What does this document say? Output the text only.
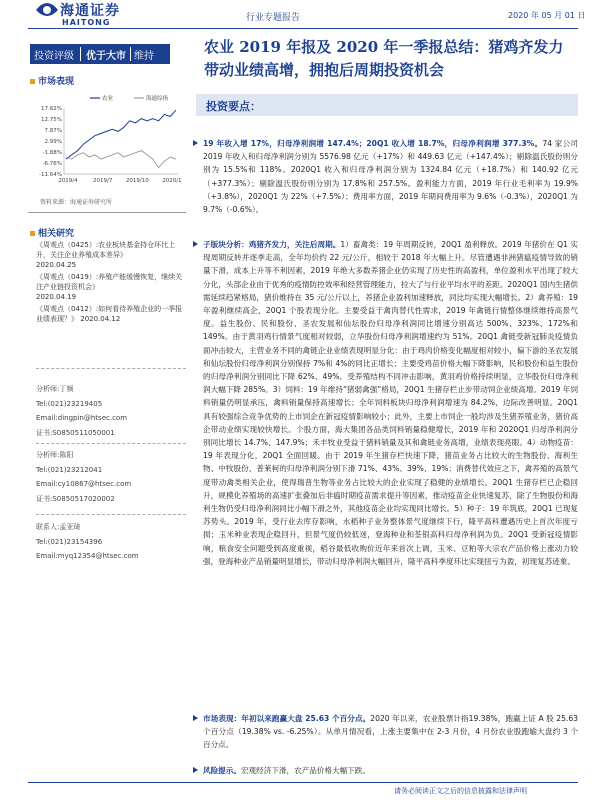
海通证券
HAITONG	行业专题报告	2020 年 05 月 01 日
投资评级 优于大市 维持
农业 2019 年报及 2020 年一季报总结：猪鸡齐发力带动业绩高增，拥抱后周期投资机会
市场表现
17.62%
12.75%
7.87%
2.99%
-1.88%
-6.76%
-11.64%
2019/4	2019/7 2019/10 2020/1
农业	海通综指
资料来源：海通证券研究所
相关研究
《周观点（0425）:农业板块基金持仓环比上升，关注企业养殖成本差异》
2020.04.25
《周观点（0419）:养殖产能缓慢恢复，继续关注产业链投资机会》
2020.04.19
《周观点（0412）:如何看待养殖企业的一季报业绩表现？》 2020.04.12
分析师:丁频
Tel:(021)23219405
Email:dingpin@htsec.com
证书:S0850511050001
分析师:陈阳
Tel:(021)23212041
Email:cy10867@htsec.com
证书:S0850517020002
联系人:孟亚琦
Tel:(021)23154396
Email:myq12354@htsec.com
投资要点：
19 年收入增 17%，归母净利润增 147.4%；20Q1 收入增 18.7%，归母净利润增 377.3%。74 家公司 2019 年收入和归母净利润分别为 5576.98 亿元（+17%）和 449.63 亿元（+147.4%）；剔除温氏股份则分别为 15.5%和 118%。2020Q1 收入和归母净利润分别为 1324.84 亿元（+18.7%）和 140.92 亿元（+377.3%）；剔除温氏股份则分别为 17.8%和 257.5%。盈利能力方面，2019 年行业毛利率为 19.9%（+3.8%），2020Q1 为 22%（+7.5%）；费用率方面，2019 年期间费用率为 9.6%（-0.3%），2020Q1 为 9.7%（-0.6%）。
子版块分析：鸡猪齐发力，关注后周期。1）畜禽类：19 年周期反转，20Q1 盈利释放。2019 年猪价在 Q1 实现周期反转并逐季走高，全年均价约 22 元/公斤，相较于 2018 年大幅上升。尽管遭遇非洲猪瘟疫情导致的销量下滑，成本上升等不利因素，2019 年绝大多数养猪企业仍实现了历史性的高盈利，单位盈利水平出现了较大分化，头部企业由于优秀的疫情防控效率和经营管理能力，拉大了与行业平均水平的差距。2020Q1 国内生猪供需延续趋紧格局，猪价维持在 35 元/公斤以上，养猪企业盈利加速释放，同比均实现大幅增长。2）禽养殖：19 年盈利继续高企，20Q1 个股表现分化。主要受益于禽肉替代性需求，2019 年禽链行情整体继续维持高景气度。益生股份、民和股份、圣农发展和仙坛股份归母净利润同比增速分别高达 500%、323%、172%和 149%。由于黄羽鸡行情景气度相对较弱，立华股份归母净利润增速约为 51%。20Q1 禽链受新冠肺炎疫情负面冲击较大，主营业务不同的禽链企业业绩表现明显分化：由于鸡肉价格变化幅度相对较小，偏下游的圣农发展和仙坛股份归母净利润分别保持 7%和 4%的同比正增长；主要受鸡苗价格大幅下降影响，民和股份和益生股份的归母净利润分别同比下降 62%、49%。受养殖结构不同冲击影响，黄羽鸡价格持续明显，立华股份归母净利润大幅下降 285%。3）饲料：19 年维持“猪弱禽强”格局，20Q1 生猪存栏止步带动饲企业绩高增。2019 年饲料销量仍明显承压，禽料销量保持高速增长；全年饲料板块归母净利润增速为 84.2%，边际改善明显。20Q1 具有较强综合竞争优势的上市饲企在新冠疫情影响较小；此外，主要上市饲企一般均涉及生猪养殖业务，猪价高企带动业绩实现较快增长。个股方面，海大集团各品类饲料销量稳健增长，2019 年和 2020Q1 归母净利润分别同比增长 14.7%、147.9%；禾丰牧业受益于猪料销量及其和禽链业务高增，业绩表现亮眼。4）动物疫苗：19 年表现分化，20Q1 全面回暖。由于 2019 年生猪存栏快速下降，猪苗业务占比较大的生物股份、海利生物、中牧股份、普莱柯的归母净利润分别下滑 71%、43%、39%、19%；消费替代效应之下，禽养殖的高景气度带动禽类相关企业，使得瑞普生物等业务占比较大的企业实现了稳健的业绩增长。20Q1 生猪存栏已企稳回升，规模化养殖场的高速扩张叠加后非瘟时期疫苗需求提升等因素，推动疫苗企业快速复苏，除了生物股份和海利生物仍受归母净利润同比小幅下滑之外，其他疫苗企业均实现同比增长。5）种子：19 年筑底，20Q1 已现复苏势头。2019 年，受行业去库存影响，水稻种子业务整体景气度继续下行，隆平高科遭遇历史上首次年度亏损；玉米种业表现企稳回升，但景气度仍较低迷，登海种业和荃银高科归母净利润为负。20Q1 受新冠疫情影响，粮食安全问题受到高度重视，稻谷最低收购价近年来首次上调，玉米、豆粕等大宗农产品价格上涨动力较强，登海种业产品销量明显增长，带动归母净利润大幅回升，隆平高科季度环比实现扭亏为盈，初现复苏迹象。
市场表现：年初以来跑赢大盘 25.63 个百分点。2020 年以来，农业股票计指19.38%，跑赢上证 A 股 25.63 个百分点（19.38% vs. -6.25%）。从单月情况看，上涨主要集中在 2-3 月份，4 月份农业股跑输大盘约 3 个百分点。
风险提示。宏观经济下滑，农产品价格大幅下跌。
请务必阅读正文之后的信息披露和法律声明
